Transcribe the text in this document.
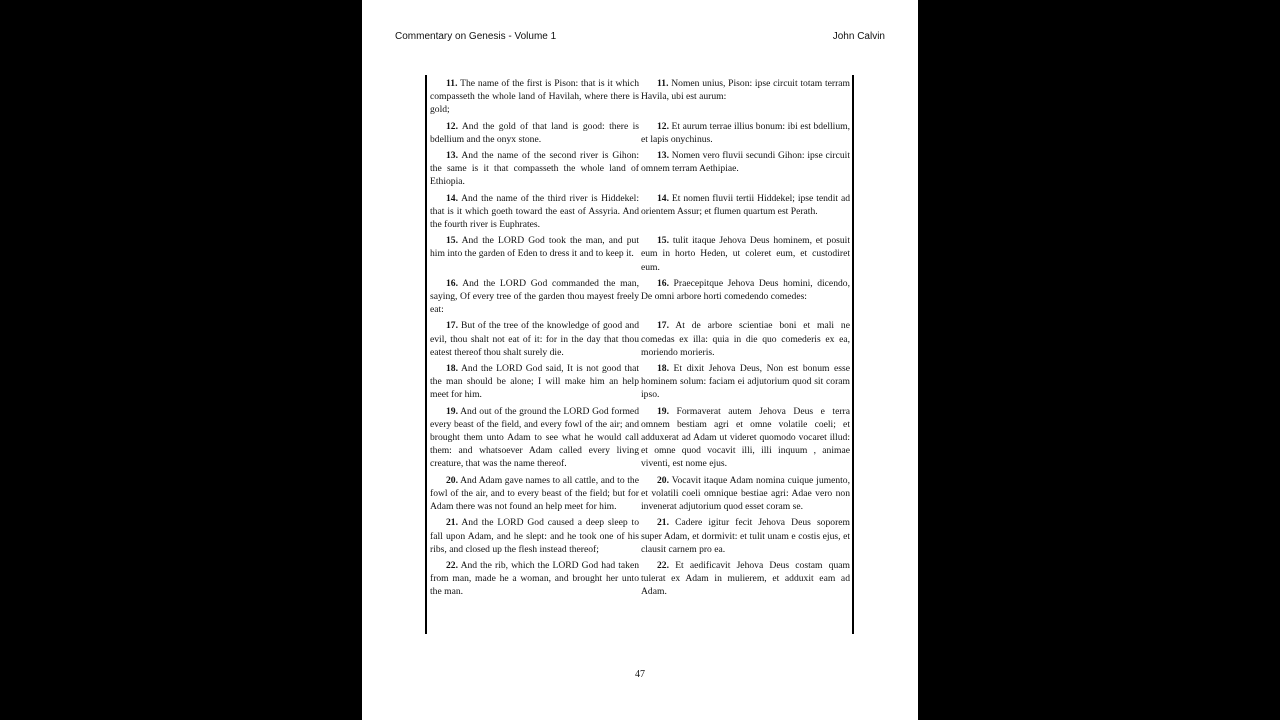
Commentary on Genesis - Volume 1	John Calvin
11. The name of the first is Pison: that is it which compasseth the whole land of Havilah, where there is gold;
11. Nomen unius, Pison: ipse circuit totam terram Havila, ubi est aurum:
12. And the gold of that land is good: there is bdellium and the onyx stone.
12. Et aurum terrae illius bonum: ibi est bdellium, et lapis onychinus.
13. And the name of the second river is Gihon: the same is it that compasseth the whole land of Ethiopia.
13. Nomen vero fluvii secundi Gihon: ipse circuit omnem terram Aethipiae.
14. And the name of the third river is Hiddekel: that is it which goeth toward the east of Assyria. And the fourth river is Euphrates.
14. Et nomen fluvii tertii Hiddekel; ipse tendit ad orientem Assur; et flumen quartum est Perath.
15. And the LORD God took the man, and put him into the garden of Eden to dress it and to keep it.
15. tulit itaque Jehova Deus hominem, et posuit eum in horto Heden, ut coleret eum, et custodiret eum.
16. And the LORD God commanded the man, saying, Of every tree of the garden thou mayest freely eat:
16. Praecepitque Jehova Deus homini, dicendo, De omni arbore horti comedendo comedes:
17. But of the tree of the knowledge of good and evil, thou shalt not eat of it: for in the day that thou eatest thereof thou shalt surely die.
17. At de arbore scientiae boni et mali ne comedas ex illa: quia in die quo comederis ex ea, moriendo morieris.
18. And the LORD God said, It is not good that the man should be alone; I will make him an help meet for him.
18. Et dixit Jehova Deus, Non est bonum esse hominem solum: faciam ei adjutorium quod sit coram ipso.
19. And out of the ground the LORD God formed every beast of the field, and every fowl of the air; and brought them unto Adam to see what he would call them: and whatsoever Adam called every living creature, that was the name thereof.
19. Formaverat autem Jehova Deus e terra omnem bestiam agri et omne volatile coeli; et adduxerat ad Adam ut videret quomodo vocaret illud: et omne quod vocavit illi, illi inquum , animae viventi, est nome ejus.
20. And Adam gave names to all cattle, and to the fowl of the air, and to every beast of the field; but for Adam there was not found an help meet for him.
20. Vocavit itaque Adam nomina cuique jumento, et volatili coeli omnique bestiae agri: Adae vero non invenerat adjutorium quod esset coram se.
21. And the LORD God caused a deep sleep to fall upon Adam, and he slept: and he took one of his ribs, and closed up the flesh instead thereof;
21. Cadere igitur fecit Jehova Deus soporem super Adam, et dormivit: et tulit unam e costis ejus, et clausit carnem pro ea.
22. And the rib, which the LORD God had taken from man, made he a woman, and brought her unto the man.
22. Et aedificavit Jehova Deus costam quam tulerat ex Adam in mulierem, et adduxit eam ad Adam.
47
